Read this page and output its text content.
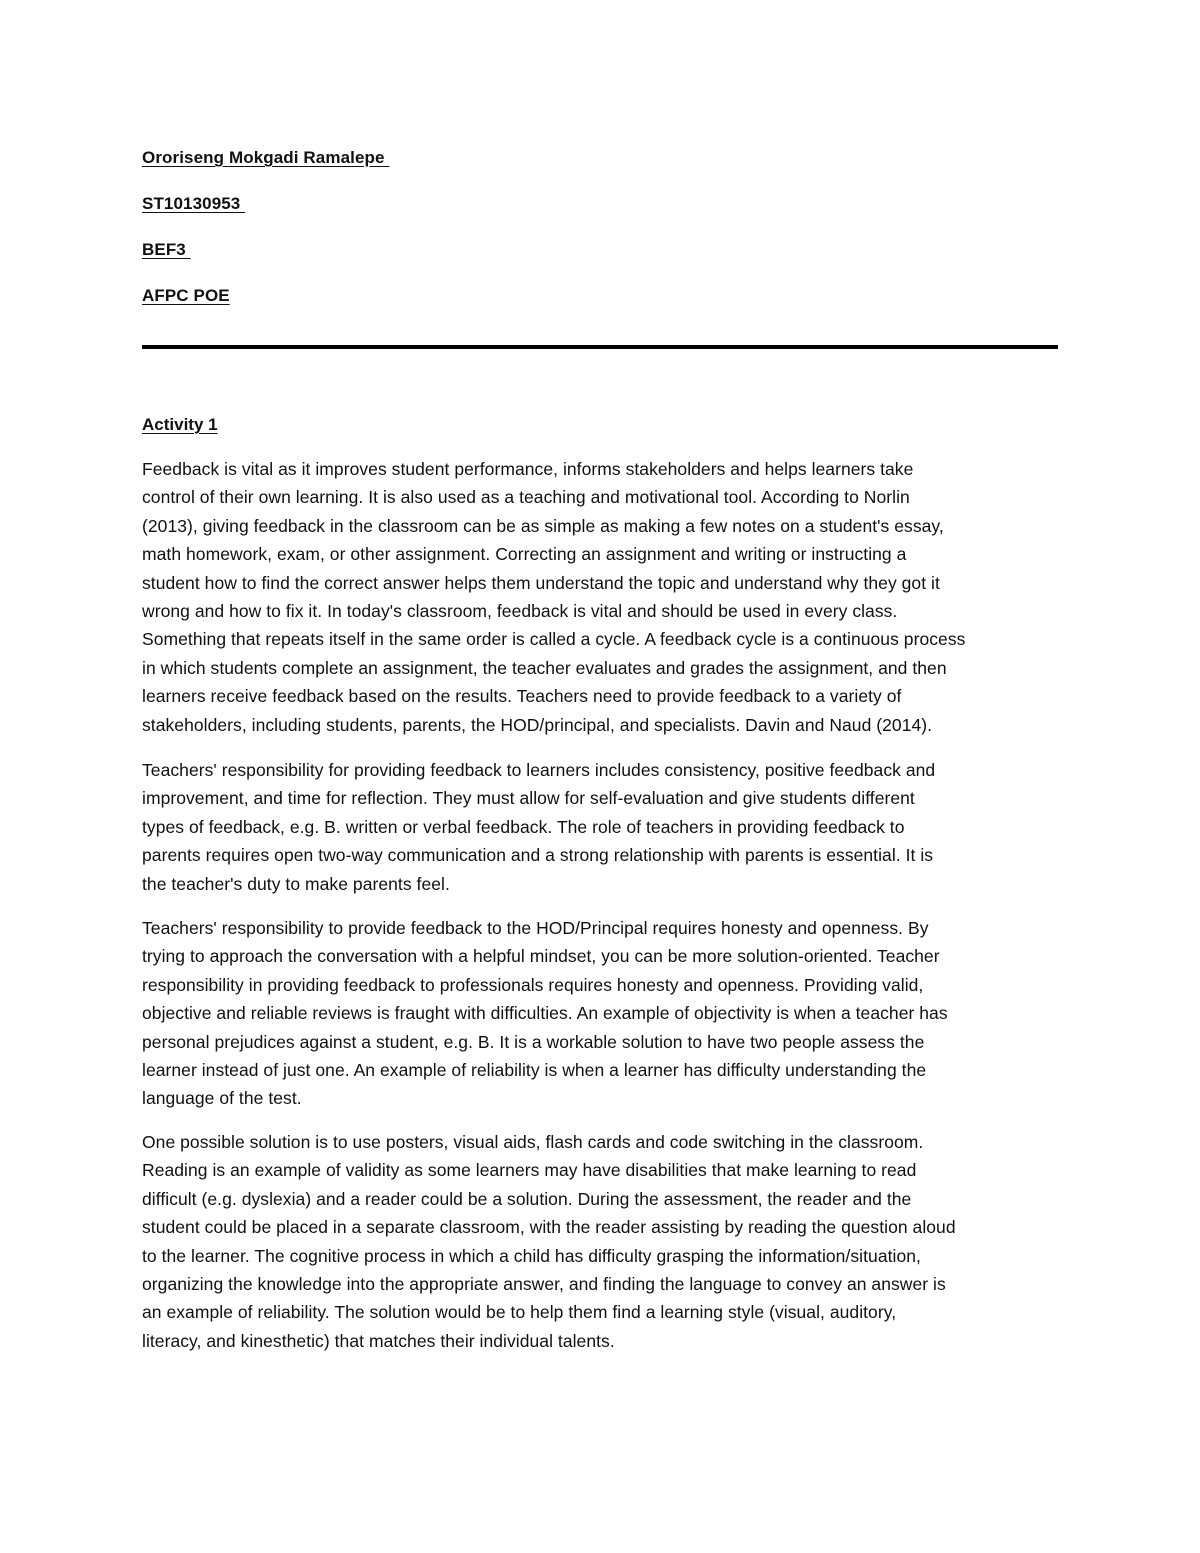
Ororiseng Mokgadi Ramalepe
ST10130953
BEF3
AFPC POE
Activity 1
Feedback is vital as it improves student performance, informs stakeholders and helps learners take
control of their own learning. It is also used as a teaching and motivational tool. According to Norlin
(2013), giving feedback in the classroom can be as simple as making a few notes on a student's essay,
math homework, exam, or other assignment. Correcting an assignment and writing or instructing a
student how to find the correct answer helps them understand the topic and understand why they got it
wrong and how to fix it. In today's classroom, feedback is vital and should be used in every class.
Something that repeats itself in the same order is called a cycle. A feedback cycle is a continuous process
in which students complete an assignment, the teacher evaluates and grades the assignment, and then
learners receive feedback based on the results. Teachers need to provide feedback to a variety of
stakeholders, including students, parents, the HOD/principal, and specialists. Davin and Naud (2014).
Teachers' responsibility for providing feedback to learners includes consistency, positive feedback and
improvement, and time for reflection. They must allow for self-evaluation and give students different
types of feedback, e.g. B. written or verbal feedback. The role of teachers in providing feedback to
parents requires open two-way communication and a strong relationship with parents is essential. It is
the teacher's duty to make parents feel.
Teachers' responsibility to provide feedback to the HOD/Principal requires honesty and openness. By
trying to approach the conversation with a helpful mindset, you can be more solution-oriented. Teacher
responsibility in providing feedback to professionals requires honesty and openness. Providing valid,
objective and reliable reviews is fraught with difficulties. An example of objectivity is when a teacher has
personal prejudices against a student, e.g. B. It is a workable solution to have two people assess the
learner instead of just one. An example of reliability is when a learner has difficulty understanding the
language of the test.
One possible solution is to use posters, visual aids, flash cards and code switching in the classroom.
Reading is an example of validity as some learners may have disabilities that make learning to read
difficult (e.g. dyslexia) and a reader could be a solution. During the assessment, the reader and the
student could be placed in a separate classroom, with the reader assisting by reading the question aloud
to the learner. The cognitive process in which a child has difficulty grasping the information/situation,
organizing the knowledge into the appropriate answer, and finding the language to convey an answer is
an example of reliability. The solution would be to help them find a learning style (visual, auditory,
literacy, and kinesthetic) that matches their individual talents.
